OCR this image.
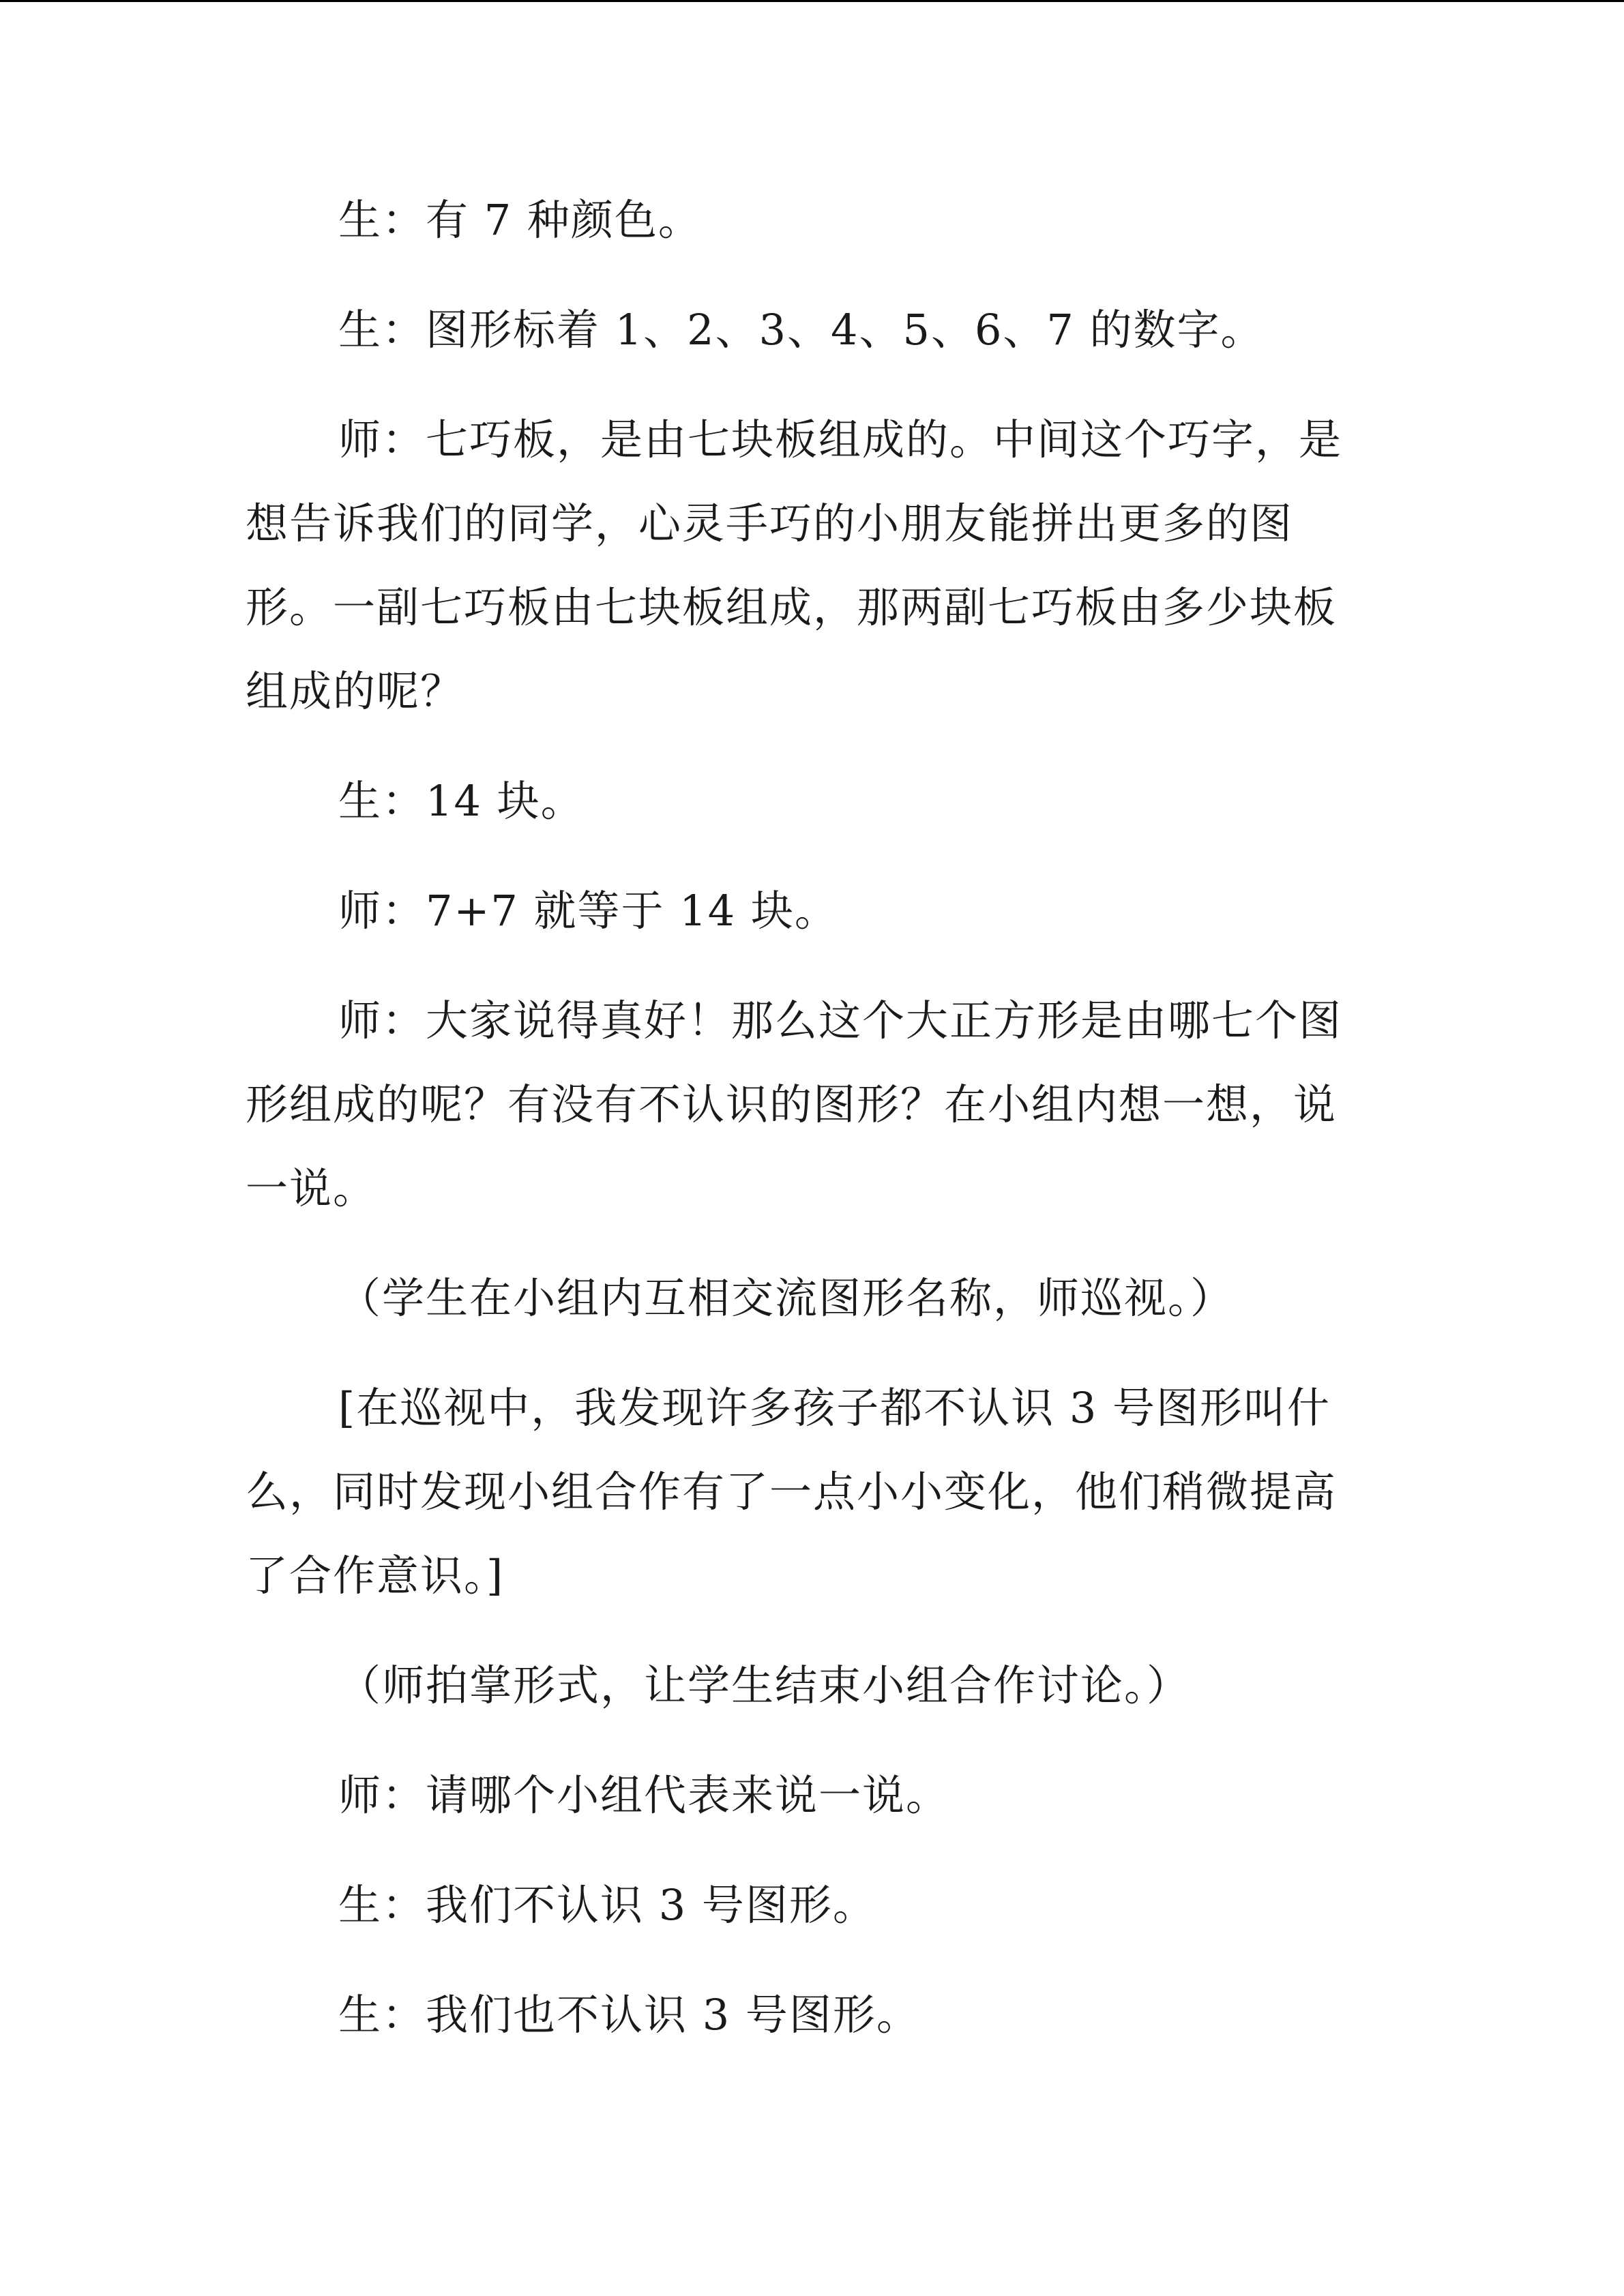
生：有 7 种颜色。

生：图形标着 1、2、3、4、5、6、7 的数字。

师：七巧板，是由七块板组成的。中间这个巧字，是想告诉我们的同学，心灵手巧的小朋友能拼出更多的图形。一副七巧板由七块板组成，那两副七巧板由多少块板组成的呢？

生：14 块。

师：7+7 就等于 14 块。

师：大家说得真好！那么这个大正方形是由哪七个图形组成的呢？有没有不认识的图形？在小组内想一想，说一说。

（学生在小组内互相交流图形名称，师巡视。）

[在巡视中，我发现许多孩子都不认识 3 号图形叫什么，同时发现小组合作有了一点小小变化，他们稍微提高了合作意识。]

（师拍掌形式，让学生结束小组合作讨论。）

师：请哪个小组代表来说一说。

生：我们不认识 3 号图形。

生：我们也不认识 3 号图形。
